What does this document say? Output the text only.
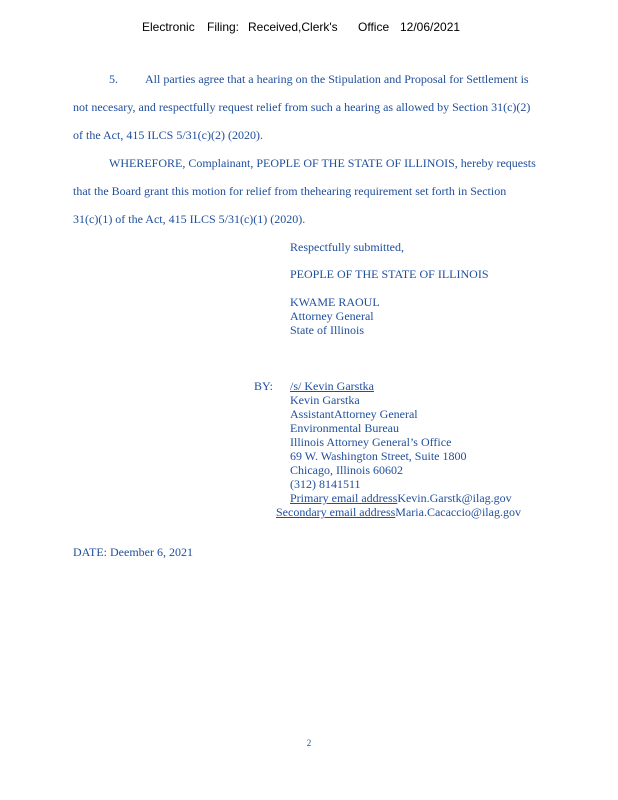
Electronic Filing: Received,Clerk's Office 12/06/2021
5. All parties agree that a hearing on the Stipulation and Proposal for Settlement is
not necesary, and respectfully request relief from such a hearing as allowed by Section 31(c)(2)
of the Act, 415 ILCS 5/31(c)(2) (2020).
WHEREFORE, Complainant, PEOPLE OF THE STATE OF ILLINOIS, hereby requests
that the Board grant this motion for relief from thehearing requirement set forth in Section
31(c)(1) of the Act, 415 ILCS 5/31(c)(1) (2020).
Respectfully submitted,
PEOPLE OF THE STATE OF ILLINOIS
KWAME RAOUL
Attorney General
State of Illinois
BY: /s/ Kevin Garstka
Kevin Garstka
AssistantAttorney General
Environmental Bureau
Illinois Attorney General’s Office
69 W. Washington Street, Suite 1800
Chicago, Illinois 60602
(312) 8141511
Primary email addressKevin.Garstk@ilag.gov
Secondary email addressMaria.Cacaccio@ilag.gov
DATE: Deember 6, 2021
2
